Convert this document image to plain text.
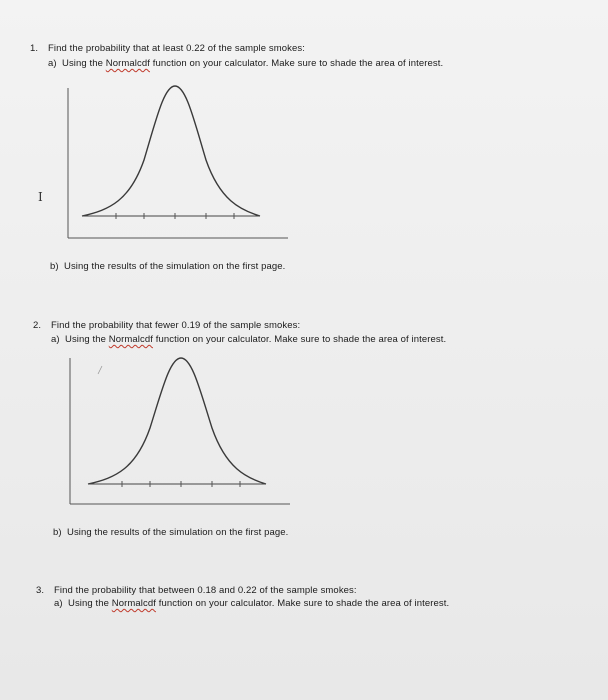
1. Find the probability that at least 0.22 of the sample smokes:
a) Using the Normalcdf function on your calculator. Make sure to shade the area of interest.
I
b) Using the results of the simulation on the first page.
2. Find the probability that fewer 0.19 of the sample smokes:
a) Using the Normalcdf function on your calculator. Make sure to shade the area of interest.
b) Using the results of the simulation on the first page.
3. Find the probability that between 0.18 and 0.22 of the sample smokes:
a) Using the Normalcdf function on your calculator. Make sure to shade the area of interest.
